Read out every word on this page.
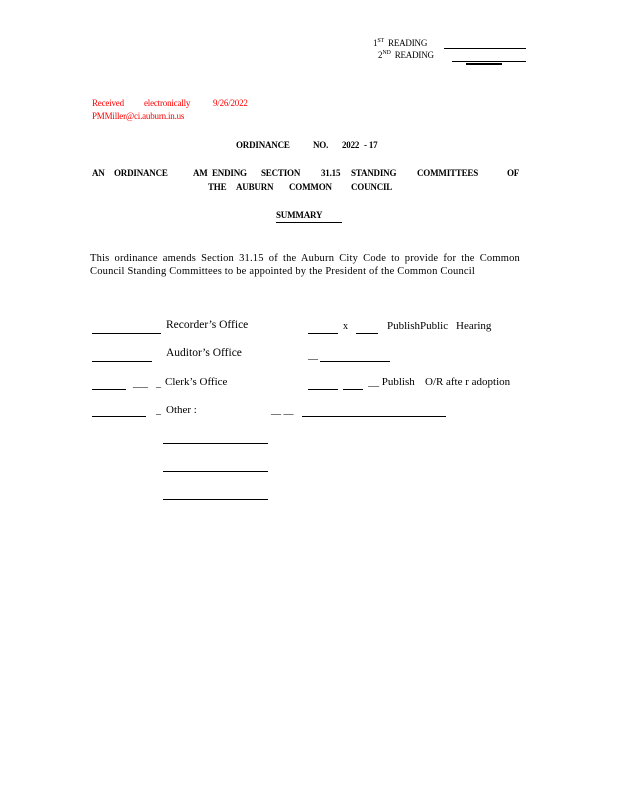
1ST READING
2ND READING
Received electronically	9/26/2022
PMMiller@ci.auburn.in.us
ORDINANCE	NO. 2022 - 17
AN ORDINANCE	AM ENDING SECTION 31.15 STANDING COMMITTEES	OF
THE AUBURN COMMON COUNCIL
SUMMARY
This ordinance amends Section 31.15 of the Auburn City Code to provide for the Common Council Standing Committees to be appointed by the President of the Common Council
Recorder’s Office	x	PublishPublic Hearing
Auditor’s Office	__
___ _ Clerk’s Office	__ Publish O/R afte r adoption
_ Other :	__ __
